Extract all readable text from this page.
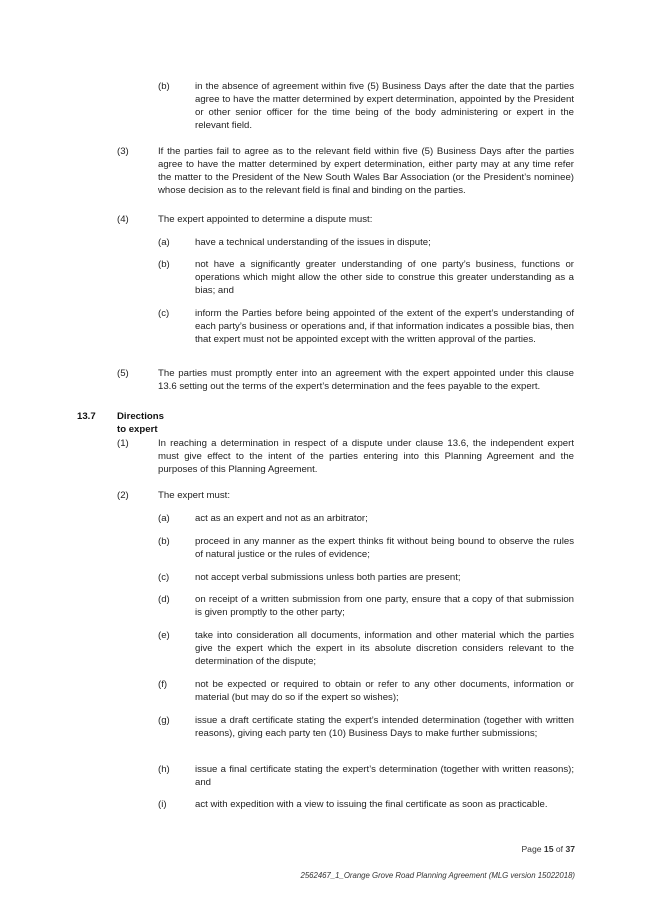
(b)	in the absence of agreement within five (5) Business Days after the date that the parties agree to have the matter determined by expert determination, appointed by the President or other senior officer for the time being of the body administering or expert in the relevant field.
(3)	If the parties fail to agree as to the relevant field within five (5) Business Days after the parties agree to have the matter determined by expert determination, either party may at any time refer the matter to the President of the New South Wales Bar Association (or the President’s nominee) whose decision as to the relevant field is final and binding on the parties.
(4)	The expert appointed to determine a dispute must:
(a)	have a technical understanding of the issues in dispute;
(b)	not have a significantly greater understanding of one party’s business, functions or operations which might allow the other side to construe this greater understanding as a bias; and
(c)	inform the Parties before being appointed of the extent of the expert’s understanding of each party’s business or operations and, if that information indicates a possible bias, then that expert must not be appointed except with the written approval of the parties.
(5)	The parties must promptly enter into an agreement with the expert appointed under this clause 13.6 setting out the terms of the expert’s determination and the fees payable to the expert.
13.7 Directions to expert
(1)	In reaching a determination in respect of a dispute under clause 13.6, the independent expert must give effect to the intent of the parties entering into this Planning Agreement and the purposes of this Planning Agreement.
(2)	The expert must:
(a)	act as an expert and not as an arbitrator;
(b)	proceed in any manner as the expert thinks fit without being bound to observe the rules of natural justice or the rules of evidence;
(c)	not accept verbal submissions unless both parties are present;
(d)	on receipt of a written submission from one party, ensure that a copy of that submission is given promptly to the other party;
(e)	take into consideration all documents, information and other material which the parties give the expert which the expert in its absolute discretion considers relevant to the determination of the dispute;
(f)	not be expected or required to obtain or refer to any other documents, information or material (but may do so if the expert so wishes);
(g)	issue a draft certificate stating the expert’s intended determination (together with written reasons), giving each party ten (10) Business Days to make further submissions;
(h)	issue a final certificate stating the expert’s determination (together with written reasons); and
(i)	act with expedition with a view to issuing the final certificate as soon as practicable.
Page 15 of 37
2562467_1_Orange Grove Road Planning Agreement (MLG version 15022018)
